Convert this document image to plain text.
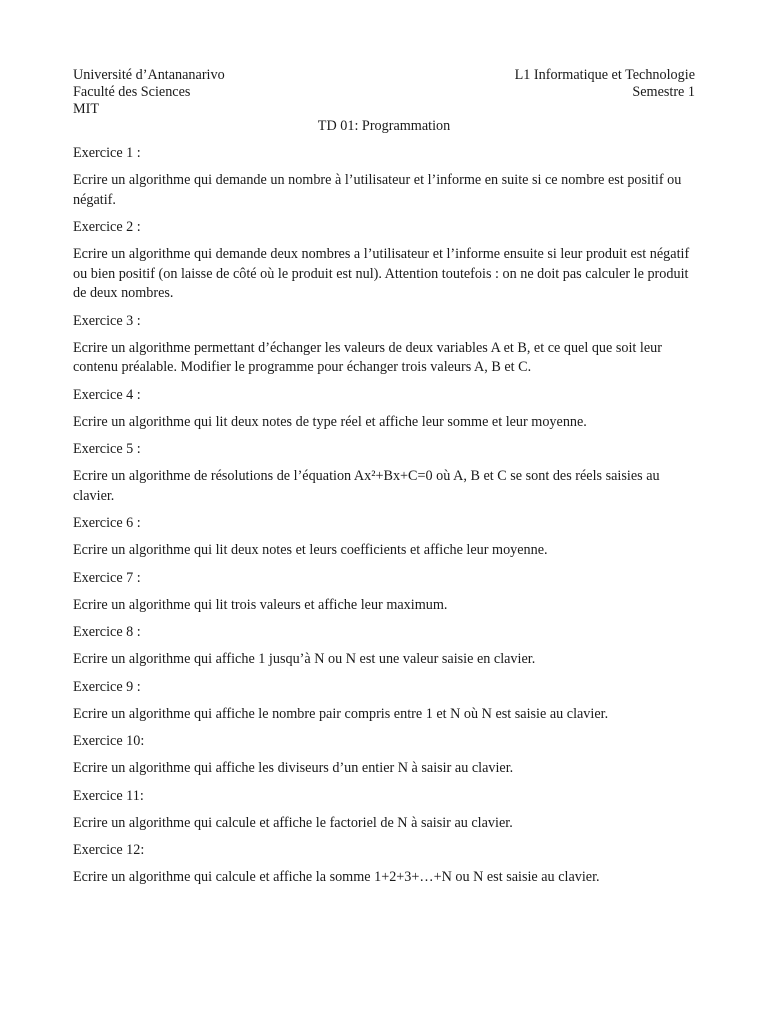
Université d’Antananarivo
Faculté des Sciences
MIT
L1 Informatique et Technologie
Semestre 1
TD 01: Programmation

Exercice 1 :

Ecrire un algorithme qui demande un nombre à l’utilisateur et l’informe en suite si ce nombre est positif ou négatif.

Exercice 2 :

Ecrire un algorithme qui demande deux nombres a l’utilisateur et l’informe ensuite si leur produit est négatif ou bien positif (on laisse de côté où le produit est nul). Attention toutefois : on ne doit pas calculer le produit de deux nombres.

Exercice 3 :

Ecrire un algorithme permettant d’échanger les valeurs de deux variables A et B, et ce quel que soit leur contenu préalable. Modifier le programme pour échanger trois valeurs A, B et C.

Exercice 4 :

Ecrire un algorithme qui lit deux notes de type réel et affiche leur somme et leur moyenne.

Exercice 5 :

Ecrire un algorithme de résolutions de l’équation Ax²+Bx+C=0 où A, B et C se sont des réels saisies au clavier.

Exercice 6 :

Ecrire un algorithme qui lit deux notes et leurs coefficients et affiche leur moyenne.

Exercice 7 :

Ecrire un algorithme qui lit trois valeurs et affiche leur maximum.

Exercice 8 :

Ecrire un algorithme qui affiche 1 jusqu’à N ou N est une valeur saisie en clavier.

Exercice 9 :

Ecrire un algorithme qui affiche le nombre pair compris entre 1 et N où N est saisie au clavier.

Exercice 10:

Ecrire un algorithme qui affiche les diviseurs d’un entier N à saisir au clavier.

Exercice 11:

Ecrire un algorithme qui calcule et affiche le factoriel de N à saisir au clavier.

Exercice 12:

Ecrire un algorithme qui calcule et affiche la somme 1+2+3+…+N ou N est saisie au clavier.
